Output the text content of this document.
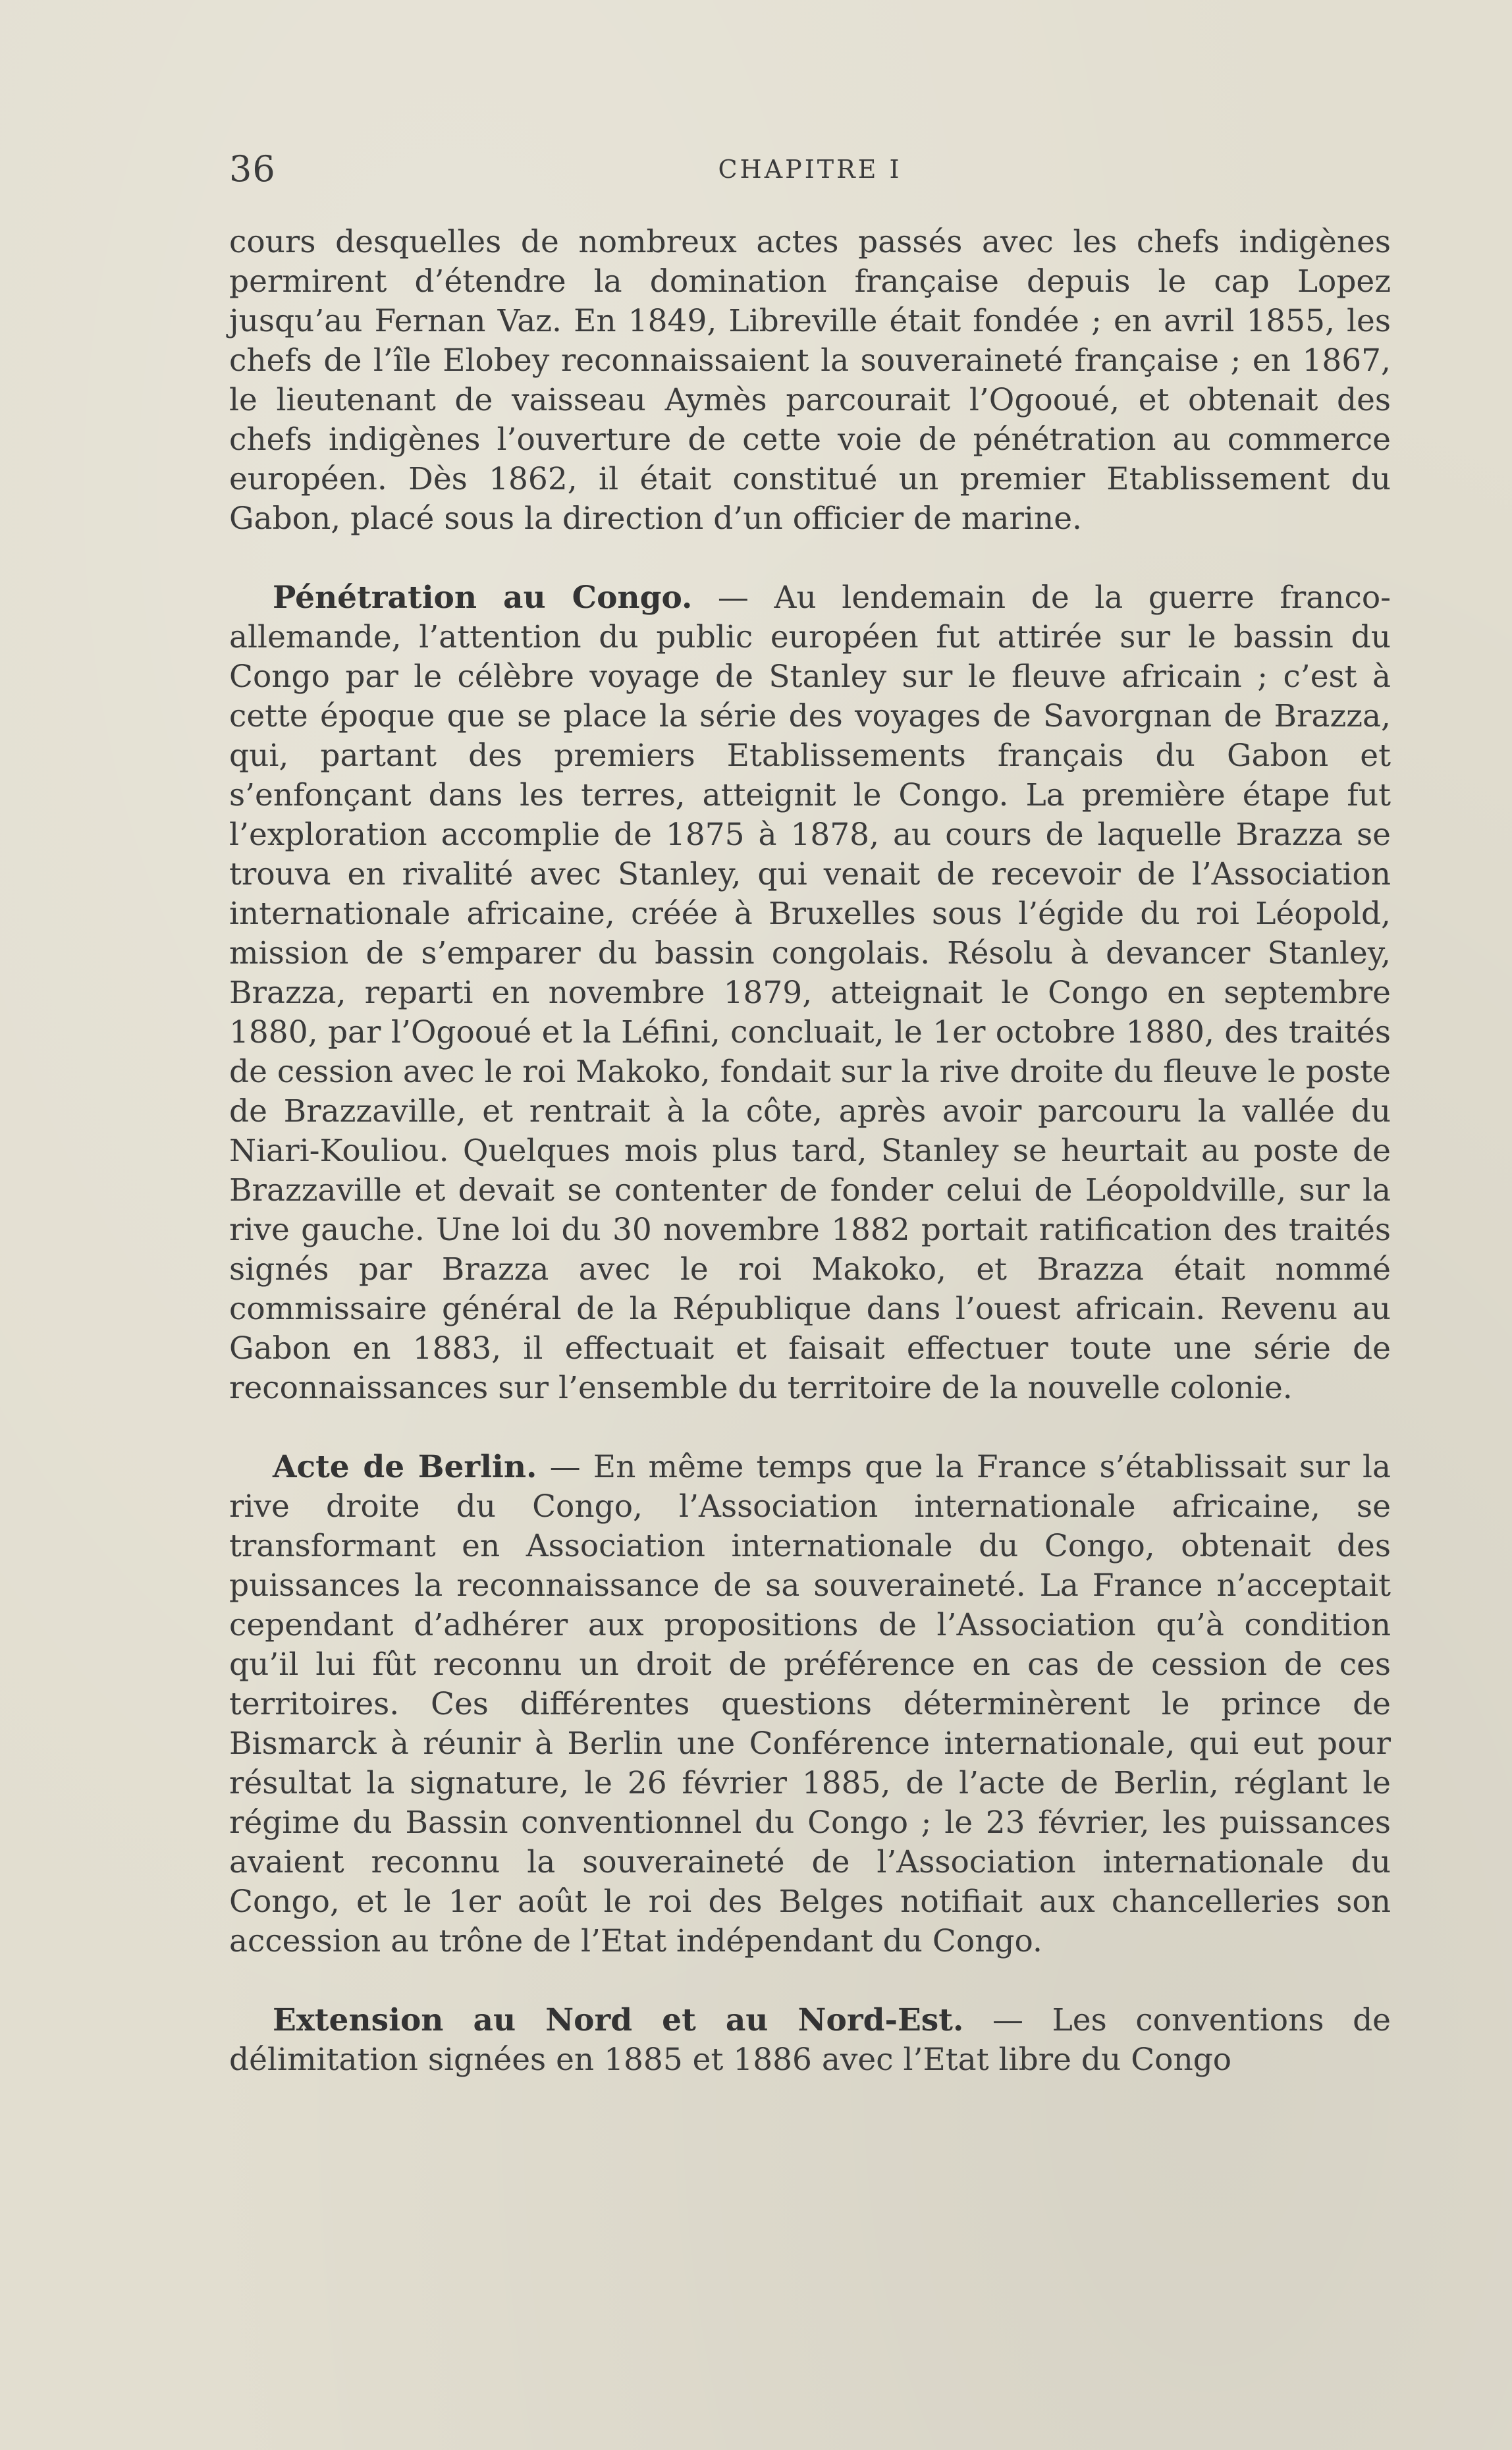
36	CHAPITRE I

cours desquelles de nombreux actes passés avec les chefs indigènes permirent d’étendre la domination française depuis le cap Lopez jusqu’au Fernan Vaz. En 1849, Libreville était fondée ; en avril 1855, les chefs de l’île Elobey reconnaissaient la souveraineté française ; en 1867, le lieutenant de vaisseau Aymès parcourait l’Ogooué, et obtenait des chefs indigènes l’ouverture de cette voie de pénétration au commerce européen. Dès 1862, il était constitué un premier Etablissement du Gabon, placé sous la direction d’un officier de marine.

Pénétration au Congo. — Au lendemain de la guerre franco-allemande, l’attention du public européen fut attirée sur le bassin du Congo par le célèbre voyage de Stanley sur le fleuve africain ; c’est à cette époque que se place la série des voyages de Savorgnan de Brazza, qui, partant des premiers Etablissements français du Gabon et s’enfonçant dans les terres, atteignit le Congo. La première étape fut l’exploration accomplie de 1875 à 1878, au cours de laquelle Brazza se trouva en rivalité avec Stanley, qui venait de recevoir de l’Association internationale africaine, créée à Bruxelles sous l’égide du roi Léopold, mission de s’emparer du bassin congolais. Résolu à devancer Stanley, Brazza, reparti en novembre 1879, atteignait le Congo en septembre 1880, par l’Ogooué et la Léfini, concluait, le 1er octobre 1880, des traités de cession avec le roi Makoko, fondait sur la rive droite du fleuve le poste de Brazzaville, et rentrait à la côte, après avoir parcouru la vallée du Niari-Kouliou. Quelques mois plus tard, Stanley se heurtait au poste de Brazzaville et devait se contenter de fonder celui de Léopoldville, sur la rive gauche. Une loi du 30 novembre 1882 portait ratification des traités signés par Brazza avec le roi Makoko, et Brazza était nommé commissaire général de la République dans l’ouest africain. Revenu au Gabon en 1883, il effectuait et faisait effectuer toute une série de reconnaissances sur l’ensemble du territoire de la nouvelle colonie.

Acte de Berlin. — En même temps que la France s’établissait sur la rive droite du Congo, l’Association internationale africaine, se transformant en Association internationale du Congo, obtenait des puissances la reconnaissance de sa souveraineté. La France n’acceptait cependant d’adhérer aux propositions de l’Association qu’à condition qu’il lui fût reconnu un droit de préférence en cas de cession de ces territoires. Ces différentes questions déterminèrent le prince de Bismarck à réunir à Berlin une Conférence internationale, qui eut pour résultat la signature, le 26 février 1885, de l’acte de Berlin, réglant le régime du Bassin conventionnel du Congo ; le 23 février, les puissances avaient reconnu la souveraineté de l’Association internationale du Congo, et le 1er août le roi des Belges notifiait aux chancelleries son accession au trône de l’Etat indépendant du Congo.

Extension au Nord et au Nord-Est. — Les conventions de délimitation signées en 1885 et 1886 avec l’Etat libre du Congo
